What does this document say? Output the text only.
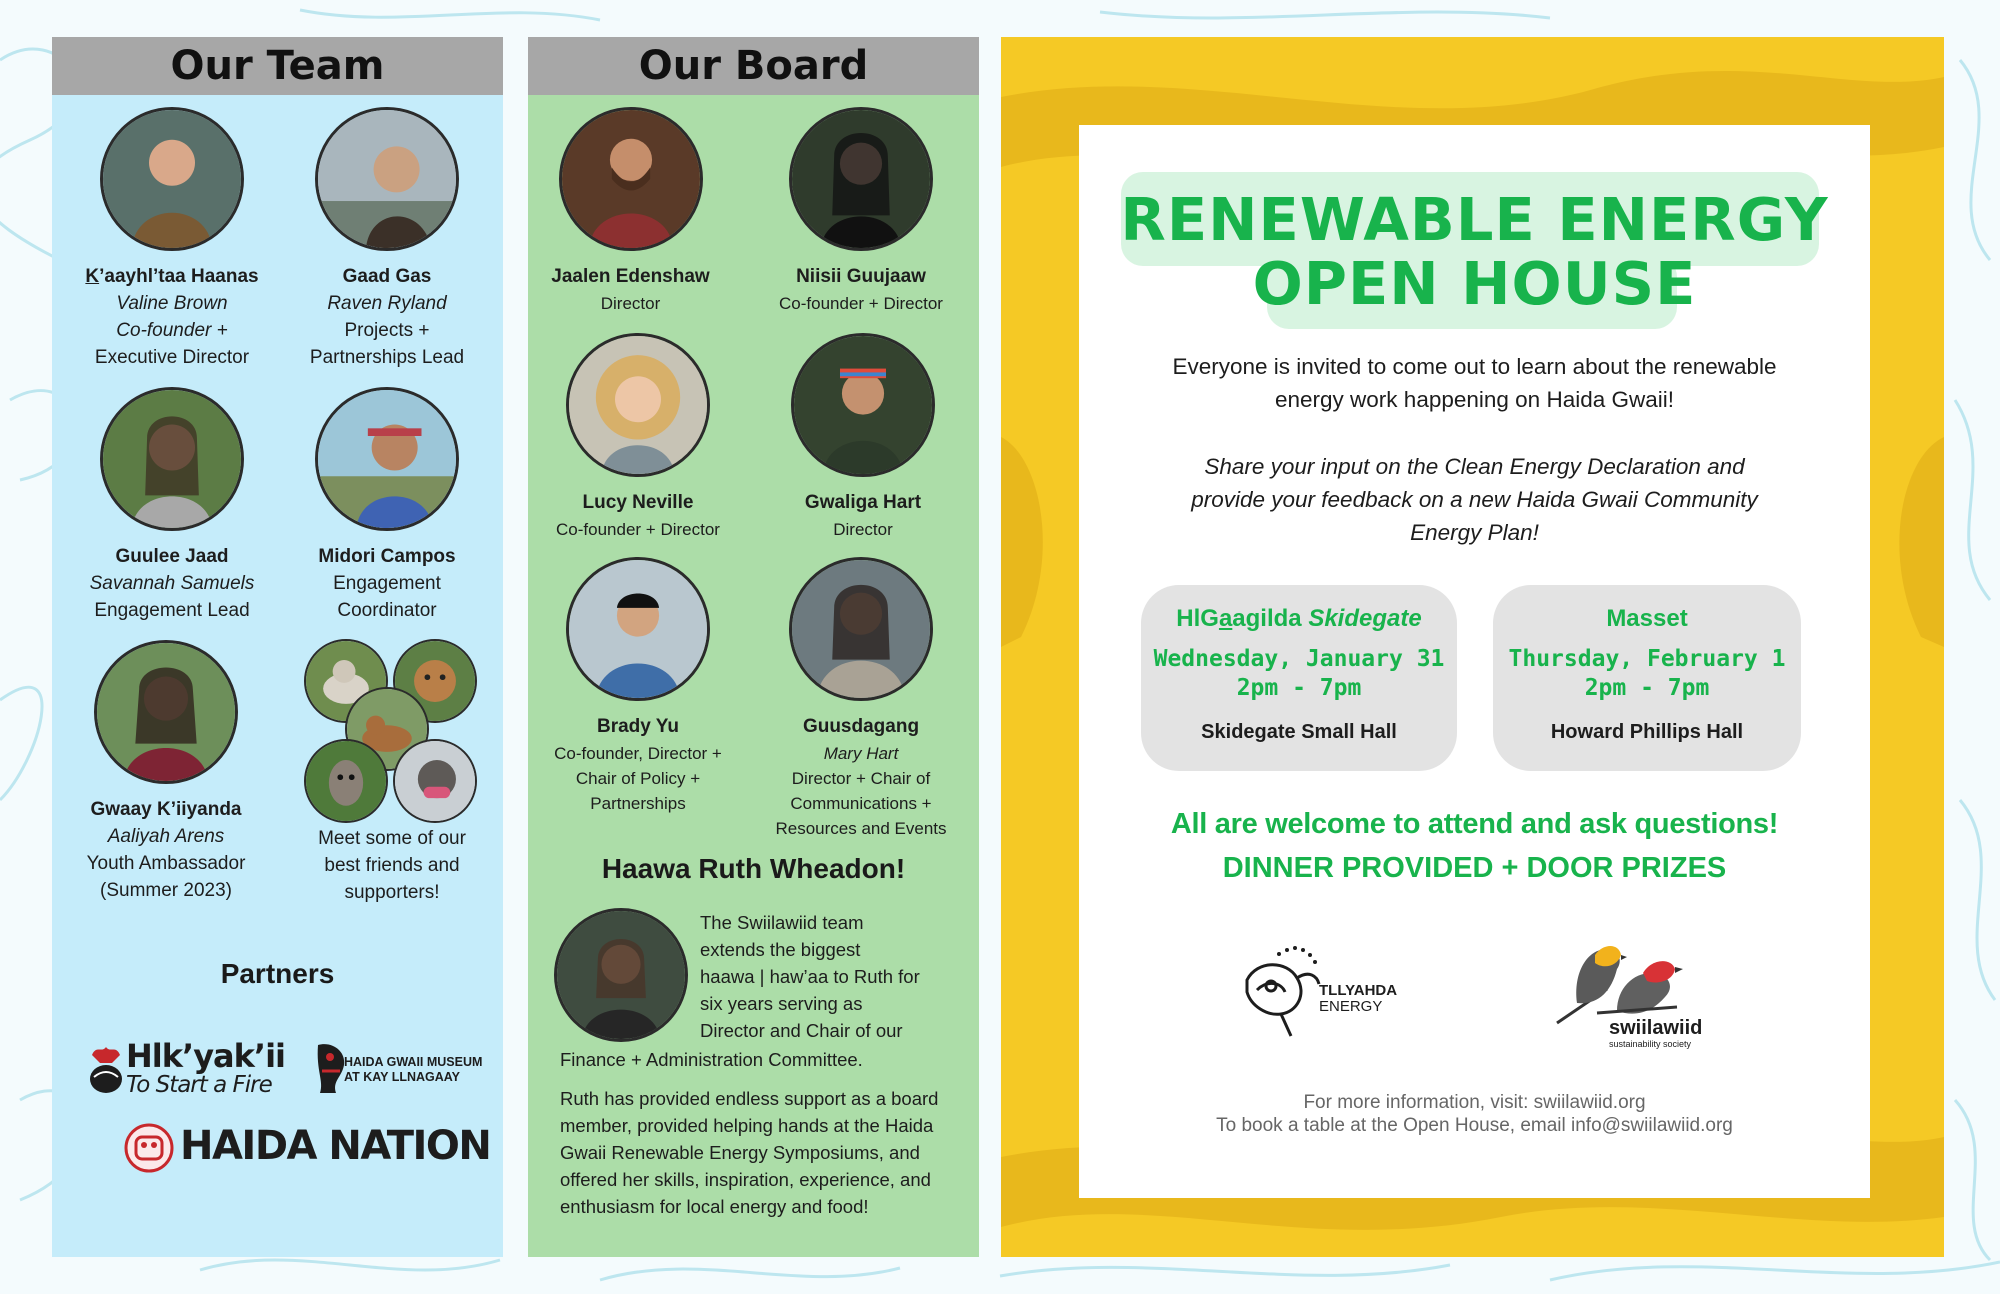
Our Team
K’aayhl’taa Haanas
Valine Brown
Co-founder +
Executive Director
Gaad Gas
Raven Ryland
Projects +
Partnerships Lead
Guulee Jaad
Savannah Samuels
Engagement Lead
Midori Campos
Engagement
Coordinator
Gwaay K’iiyanda
Aaliyah Arens
Youth Ambassador
(Summer 2023)
Meet some of our
best friends and
supporters!
Partners
Hlk’yak’ii
To Start a Fire
HAIDA GWAII MUSEUM
AT KAY LLNAGAAY
HAIDA NATION
Our Board
Jaalen Edenshaw
Director
Niisii Guujaaw
Co-founder + Director
Lucy Neville
Co-founder + Director
Gwaliga Hart
Director
Brady Yu
Co-founder, Director +
Chair of Policy +
Partnerships
Guusdagang
Mary Hart
Director + Chair of
Communications +
Resources and Events
Haawa Ruth Wheadon!
The Swiilawiid team
extends the biggest
haawa | haw’aa to Ruth for
six years serving as
Director and Chair of our
Finance + Administration Committee.
Ruth has provided endless support as a board member, provided helping hands at the Haida Gwaii Renewable Energy Symposiums, and offered her skills, inspiration, experience, and enthusiasm for local energy and food!
RENEWABLE ENERGY
OPEN HOUSE
Everyone is invited to come out to learn about the renewable
energy work happening on Haida Gwaii!
Share your input on the Clean Energy Declaration and
provide your feedback on a new Haida Gwaii Community
Energy Plan!
HlGaagilda Skidegate
Wednesday, January 31
2pm - 7pm
Skidegate Small Hall
Masset
Thursday, February 1
2pm - 7pm
Howard Phillips Hall
All are welcome to attend and ask questions!
DINNER PROVIDED + DOOR PRIZES
TLLYAHDA
ENERGY
swiilawiid
sustainability society
For more information, visit: swiilawiid.org
To book a table at the Open House, email info@swiilawiid.org
